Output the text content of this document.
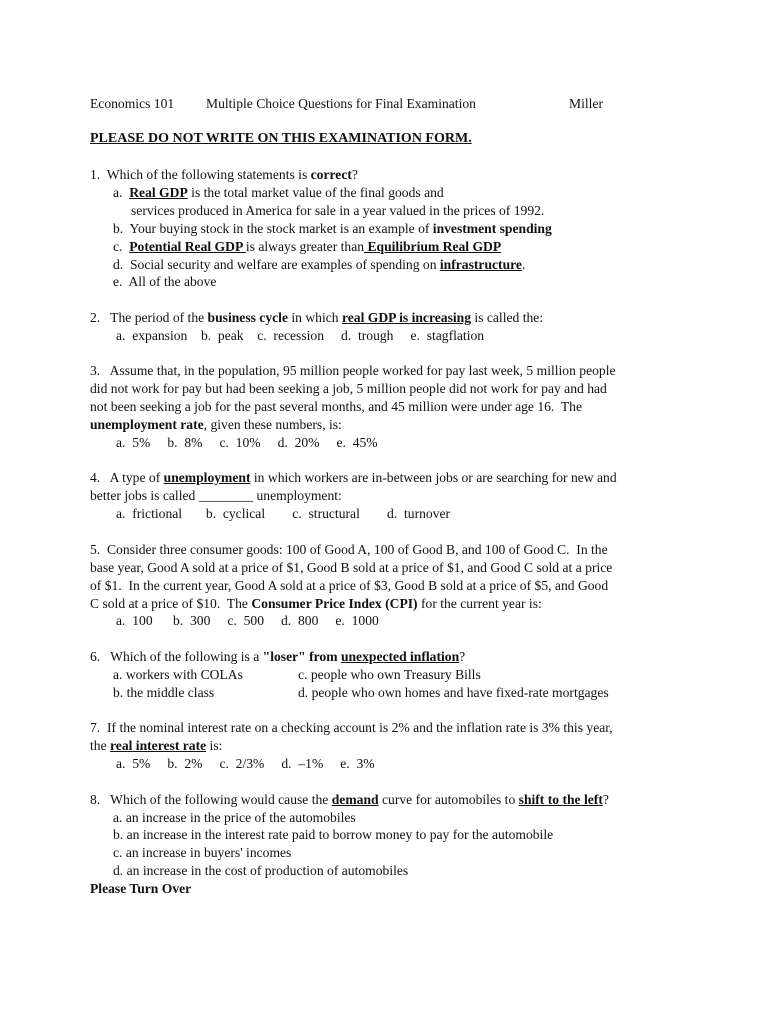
Economics 101 Multiple Choice Questions for Final Examination	Miller
PLEASE DO NOT WRITE ON THIS EXAMINATION FORM.
1. Which of the following statements is correct?
a. Real GDP is the total market value of the final goods and
services produced in America for sale in a year valued in the prices of 1992.
b. Your buying stock in the stock market is an example of investment spending
c. Potential Real GDP is always greater than Equilibrium Real GDP
d. Social security and welfare are examples of spending on infrastructure.
e. All of the above
2. The period of the business cycle in which real GDP is increasing is called the:
a.  expansion    b.  peak    c.  recession     d.  trough     e.  stagflation
3.   Assume that, in the population, 95 million people worked for pay last week, 5 million people
did not work for pay but had been seeking a job, 5 million people did not work for pay and had
not been seeking a job for the past several months, and 45 million were under age 16.  The
unemployment rate, given these numbers, is:
a.  5%     b.  8%     c.  10%     d.  20%     e.  45%
4.   A type of unemployment in which workers are in-between jobs or are searching for new and
better jobs is called ________ unemployment:
a.  frictional       b.  cyclical        c.  structural        d.  turnover
5.  Consider three consumer goods: 100 of Good A, 100 of Good B, and 100 of Good C.  In the
base year, Good A sold at a price of $1, Good B sold at a price of $1, and Good C sold at a price
of $1.  In the current year, Good A sold at a price of $3, Good B sold at a price of $5, and Good
C sold at a price of $10.  The Consumer Price Index (CPI) for the current year is:
a.  100      b.  300     c.  500     d.  800     e.  1000
6.   Which of the following is a "loser" from unexpected inflation?
a. workers with COLAs	c. people who own Treasury Bills
b. the middle class	d. people who own homes and have fixed-rate mortgages
7.  If the nominal interest rate on a checking account is 2% and the inflation rate is 3% this year,
the real interest rate is:
a.  5%     b.  2%     c.  2/3%     d.  –1%     e.  3%
8.   Which of the following would cause the demand curve for automobiles to shift to the left?
a. an increase in the price of the automobiles
b. an increase in the interest rate paid to borrow money to pay for the automobile
c. an increase in buyers' incomes
d. an increase in the cost of production of automobiles
Please Turn Over
